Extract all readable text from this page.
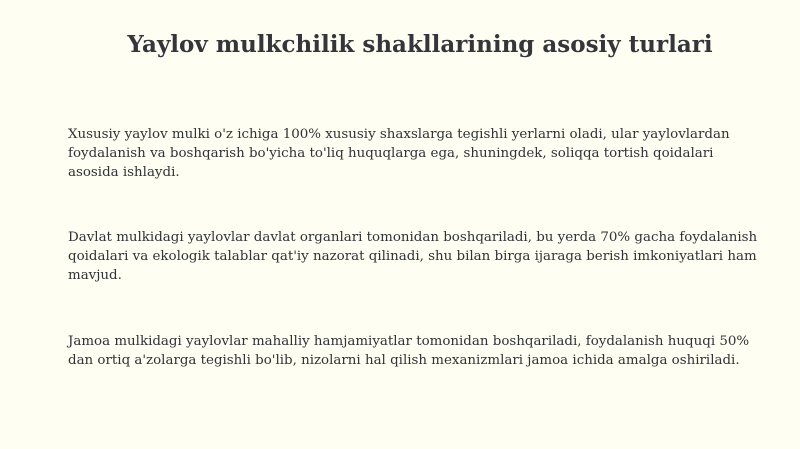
Yaylov mulkchilik shakllarining asosiy turlari

Xususiy yaylov mulki o'z ichiga 100% xususiy shaxslarga tegishli yerlarni oladi, ular yaylovlardan foydalanish va boshqarish bo'yicha to'liq huquqlarga ega, shuningdek, soliqqa tortish qoidalari asosida ishlaydi.

Davlat mulkidagi yaylovlar davlat organlari tomonidan boshqariladi, bu yerda 70% gacha foydalanish qoidalari va ekologik talablar qat'iy nazorat qilinadi, shu bilan birga ijaraga berish imkoniyatlari ham mavjud.

Jamoa mulkidagi yaylovlar mahalliy hamjamiyatlar tomonidan boshqariladi, foydalanish huquqi 50% dan ortiq a'zolarga tegishli bo'lib, nizolarni hal qilish mexanizmlari jamoa ichida amalga oshiriladi.
